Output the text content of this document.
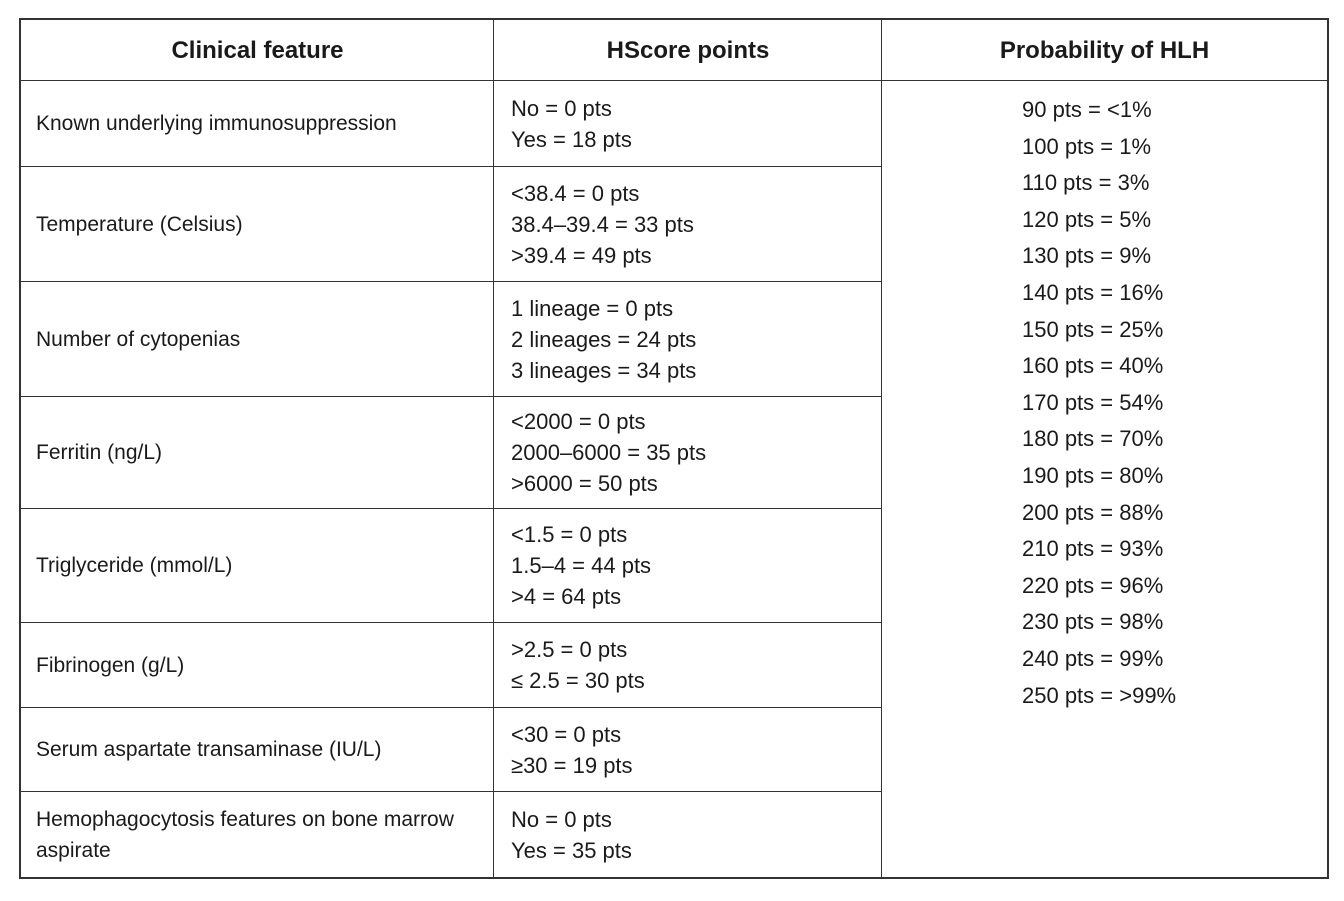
Clinical feature	HScore points	Probability of HLH
Known underlying immunosuppression
No = 0 pts
Yes = 18 pts
Temperature (Celsius)
<38.4 = 0 pts
38.4–39.4 = 33 pts
>39.4 = 49 pts
Number of cytopenias
1 lineage = 0 pts
2 lineages = 24 pts
3 lineages = 34 pts
Ferritin (ng/L)
<2000 = 0 pts
2000–6000 = 35 pts
>6000 = 50 pts
Triglyceride (mmol/L)
<1.5 = 0 pts
1.5–4 = 44 pts
>4 = 64 pts
Fibrinogen (g/L)
>2.5 = 0 pts
≤ 2.5 = 30 pts
Serum aspartate transaminase (IU/L)
<30 = 0 pts
≥30 = 19 pts
Hemophagocytosis features on bone marrow aspirate
No = 0 pts
Yes = 35 pts
90 pts = <1%
100 pts = 1%
110 pts = 3%
120 pts = 5%
130 pts = 9%
140 pts = 16%
150 pts = 25%
160 pts = 40%
170 pts = 54%
180 pts = 70%
190 pts = 80%
200 pts = 88%
210 pts = 93%
220 pts = 96%
230 pts = 98%
240 pts = 99%
250 pts = >99%
